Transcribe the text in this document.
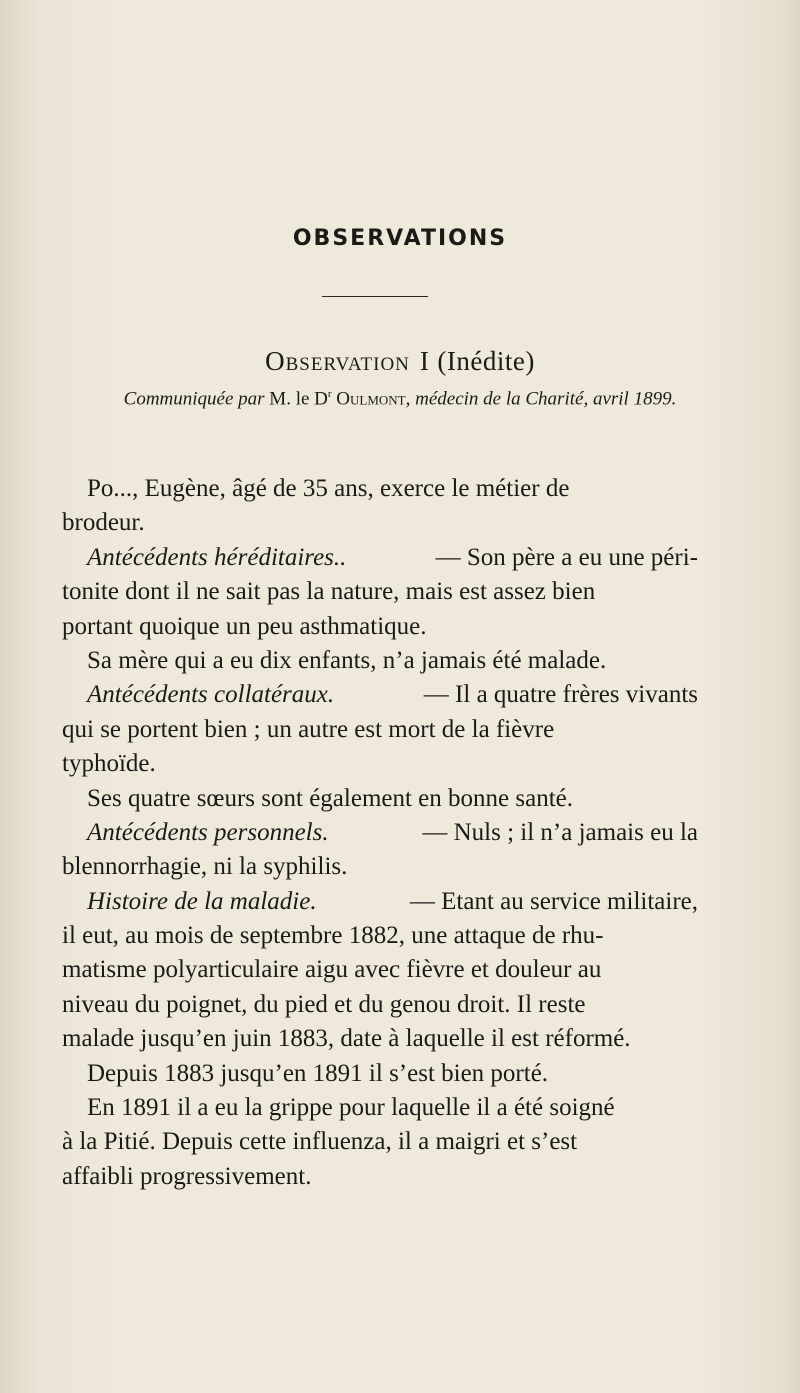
OBSERVATIONS
Observation I (Inédite)
Communiquée par M. le $D^r$ Oulmont, médecin de la Charité, avril 1899.
Po..., Eugène, âgé de 35 ans, exerce le métier de
brodeur.
Antécédents héréditaires..	— Son père a eu une péri-
tonite dont il ne sait pas la nature, mais est assez bien
portant quoique un peu asthmatique.
Sa mère qui a eu dix enfants, n’a jamais été malade.
Antécédents collatéraux.	— Il a quatre frères vivants
qui se portent bien ; un autre est mort de la fièvre
typhoïde.
Ses quatre sœurs sont également en bonne santé.
Antécédents personnels.	— Nuls ; il n’a jamais eu la
blennorrhagie, ni la syphilis.
Histoire de la maladie.	— Etant au service militaire,
il eut, au mois de septembre 1882, une attaque de rhu-
matisme polyarticulaire aigu avec fièvre et douleur au
niveau du poignet, du pied et du genou droit. Il reste
malade jusqu’en juin 1883, date à laquelle il est réformé.
Depuis 1883 jusqu’en 1891 il s’est bien porté.
En 1891 il a eu la grippe pour laquelle il a été soigné
à la Pitié. Depuis cette influenza, il a maigri et s’est
affaibli progressivement.
